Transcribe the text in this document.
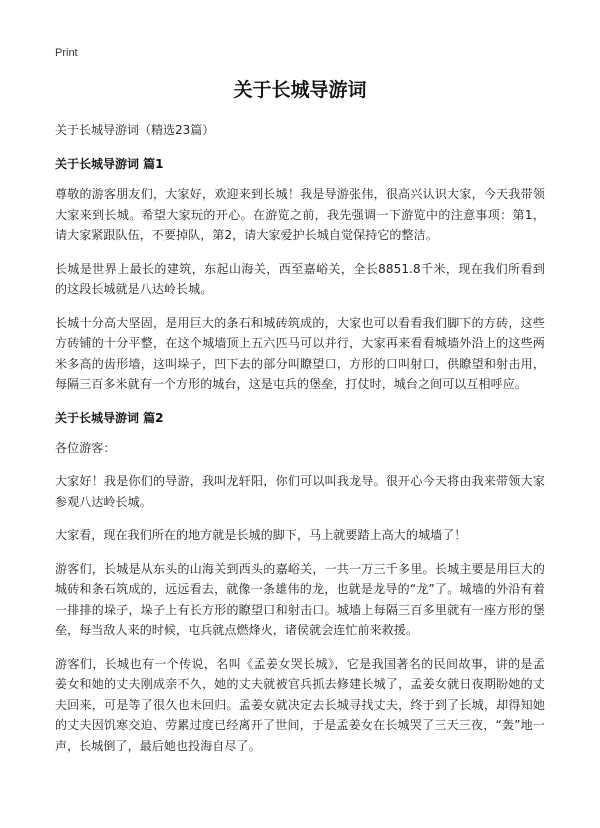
Print
关于长城导游词

关于长城导游词（精选23篇）

关于长城导游词 篇1

尊敬的游客朋友们，大家好，欢迎来到长城！我是导游张伟，很高兴认识大家，今天我带领大家来到长城。希望大家玩的开心。在游览之前，我先强调一下游览中的注意事项：第1，请大家紧跟队伍，不要掉队，第2，请大家爱护长城自觉保持它的整洁。

长城是世界上最长的建筑，东起山海关，西至嘉峪关，全长8851.8千米，现在我们所看到的这段长城就是八达岭长城。

长城十分高大坚固，是用巨大的条石和城砖筑成的，大家也可以看看我们脚下的方砖，这些方砖铺的十分平整，在这个城墙顶上五六匹马可以并行，大家再来看看城墙外沿上的这些两米多高的齿形墙，这叫垛子，凹下去的部分叫瞭望口，方形的口叫射口，供瞭望和射击用，每隔三百多米就有一个方形的城台，这是屯兵的堡垒，打仗时，城台之间可以互相呼应。

关于长城导游词 篇2

各位游客：

大家好！我是你们的导游，我叫龙轩阳，你们可以叫我龙导。很开心今天将由我来带领大家参观八达岭长城。

大家看，现在我们所在的地方就是长城的脚下，马上就要踏上高大的城墙了！

游客们，长城是从东头的山海关到西头的嘉峪关，一共一万三千多里。长城主要是用巨大的城砖和条石筑成的，远远看去，就像一条雄伟的龙，也就是龙导的“龙”了。城墙的外沿有着一排排的垛子，垛子上有长方形的瞭望口和射击口。城墙上每隔三百多里就有一座方形的堡垒，每当敌人来的时候，屯兵就点燃烽火，诸侯就会连忙前来救援。

游客们，长城也有一个传说，名叫《孟姜女哭长城》，它是我国著名的民间故事，讲的是孟姜女和她的丈夫刚成亲不久，她的丈夫就被官兵抓去修建长城了，孟姜女就日夜期盼她的丈夫回来，可是等了很久也未回归。孟姜女就决定去长城寻找丈夫，终于到了长城，却得知她的丈夫因饥寒交迫、劳累过度已经离开了世间，于是孟姜女在长城哭了三天三夜，“轰”地一声，长城倒了，最后她也投海自尽了。
